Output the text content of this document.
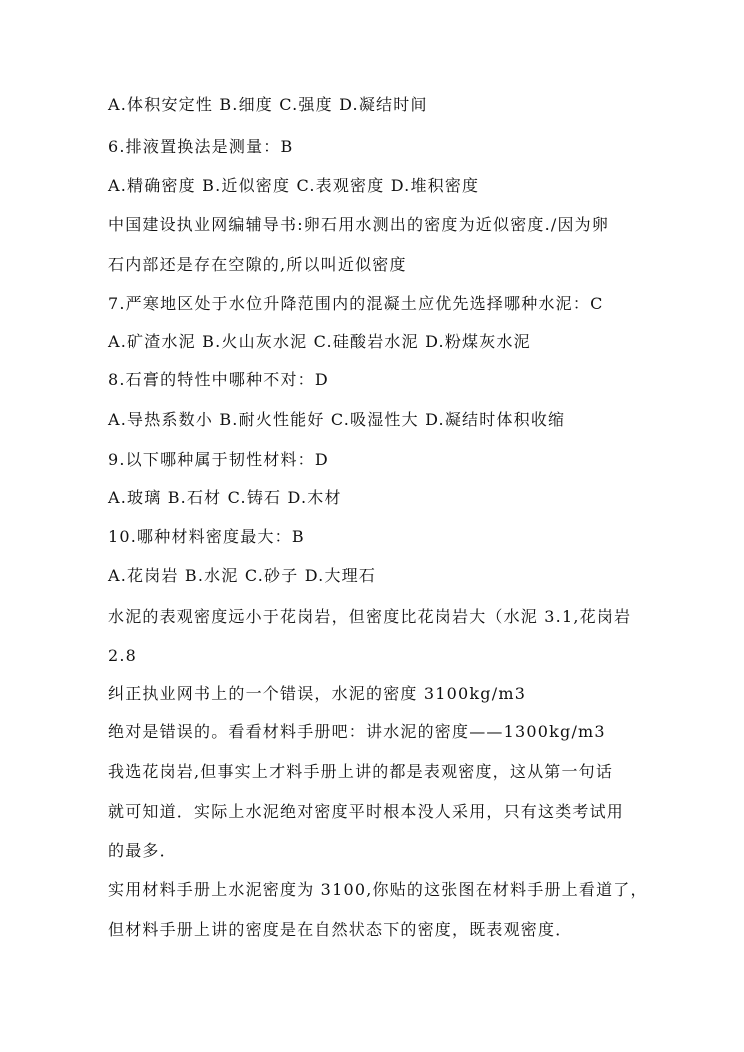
A.体积安定性 B.细度 C.强度 D.凝结时间
6.排液置换法是测量：B
A.精确密度 B.近似密度 C.表观密度 D.堆积密度
中国建设执业网编辅导书:卵石用水测出的密度为近似密度./因为卵
石内部还是存在空隙的,所以叫近似密度
7.严寒地区处于水位升降范围内的混凝土应优先选择哪种水泥：C
A.矿渣水泥 B.火山灰水泥 C.硅酸岩水泥 D.粉煤灰水泥
8.石膏的特性中哪种不对：D
A.导热系数小 B.耐火性能好 C.吸湿性大 D.凝结时体积收缩
9.以下哪种属于韧性材料：D
A.玻璃 B.石材 C.铸石 D.木材
10.哪种材料密度最大：B
A.花岗岩 B.水泥 C.砂子 D.大理石
水泥的表观密度远小于花岗岩，但密度比花岗岩大（水泥 3.1,花岗岩
2.8
纠正执业网书上的一个错误，水泥的密度 3100kg/m3
绝对是错误的。看看材料手册吧：讲水泥的密度——1300kg/m3
我选花岗岩,但事实上才料手册上讲的都是表观密度，这从第一句话
就可知道．实际上水泥绝对密度平时根本没人采用，只有这类考试用
的最多．
实用材料手册上水泥密度为 3100,你贴的这张图在材料手册上看道了，
但材料手册上讲的密度是在自然状态下的密度，既表观密度．
